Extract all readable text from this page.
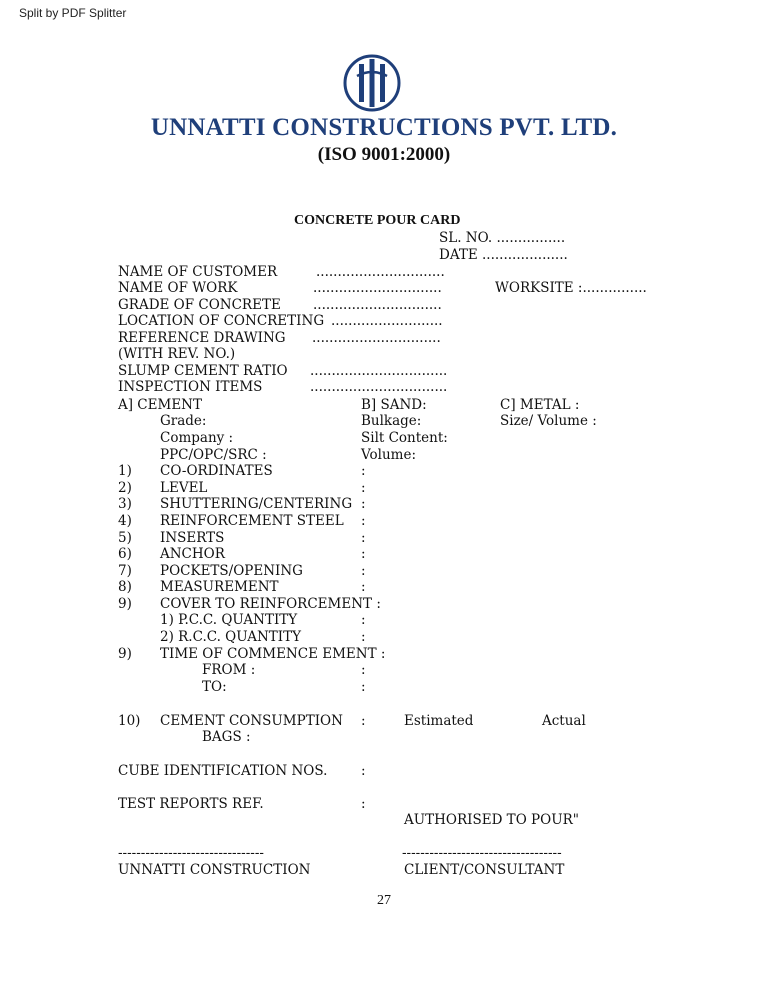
Split by PDF Splitter
UNNATTI CONSTRUCTIONS PVT. LTD.
(ISO 9001:2000)
CONCRETE POUR CARD
SL. NO. ................
DATE ....................
NAME OF CUSTOMER	..............................
NAME OF WORK	..............................	WORKSITE :...............
GRADE OF CONCRETE ..............................
LOCATION OF CONCRETING ..........................
REFERENCE DRAWING ..............................
(WITH REV. NO.)
SLUMP CEMENT RATIO ................................
INSPECTION ITEMS	................................
A] CEMENT	B] SAND:	C] METAL :
Grade:	Bulkage:	Size/ Volume :
Company :	Silt Content:
PPC/OPC/SRC :	Volume:
1) CO-ORDINATES	:
2) LEVEL	:
3) SHUTTERING/CENTERING :
4) REINFORCEMENT STEEL :
5) INSERTS	:
6) ANCHOR	:
7) POCKETS/OPENING	:
8) MEASUREMENT	:
9) COVER TO REINFORCEMENT :
1) P.C.C. QUANTITY	:
2) R.C.C. QUANTITY	:
9) TIME OF COMMENCE EMENT :
FROM :	:
TO:	:
10) CEMENT CONSUMPTION :	Estimated	Actual
BAGS :
CUBE IDENTIFICATION NOS. :
TEST REPORTS REF.	:
AUTHORISED TO POUR"
--------------------------------	-----------------------------------
UNNATTI CONSTRUCTION	CLIENT/CONSULTANT
27
